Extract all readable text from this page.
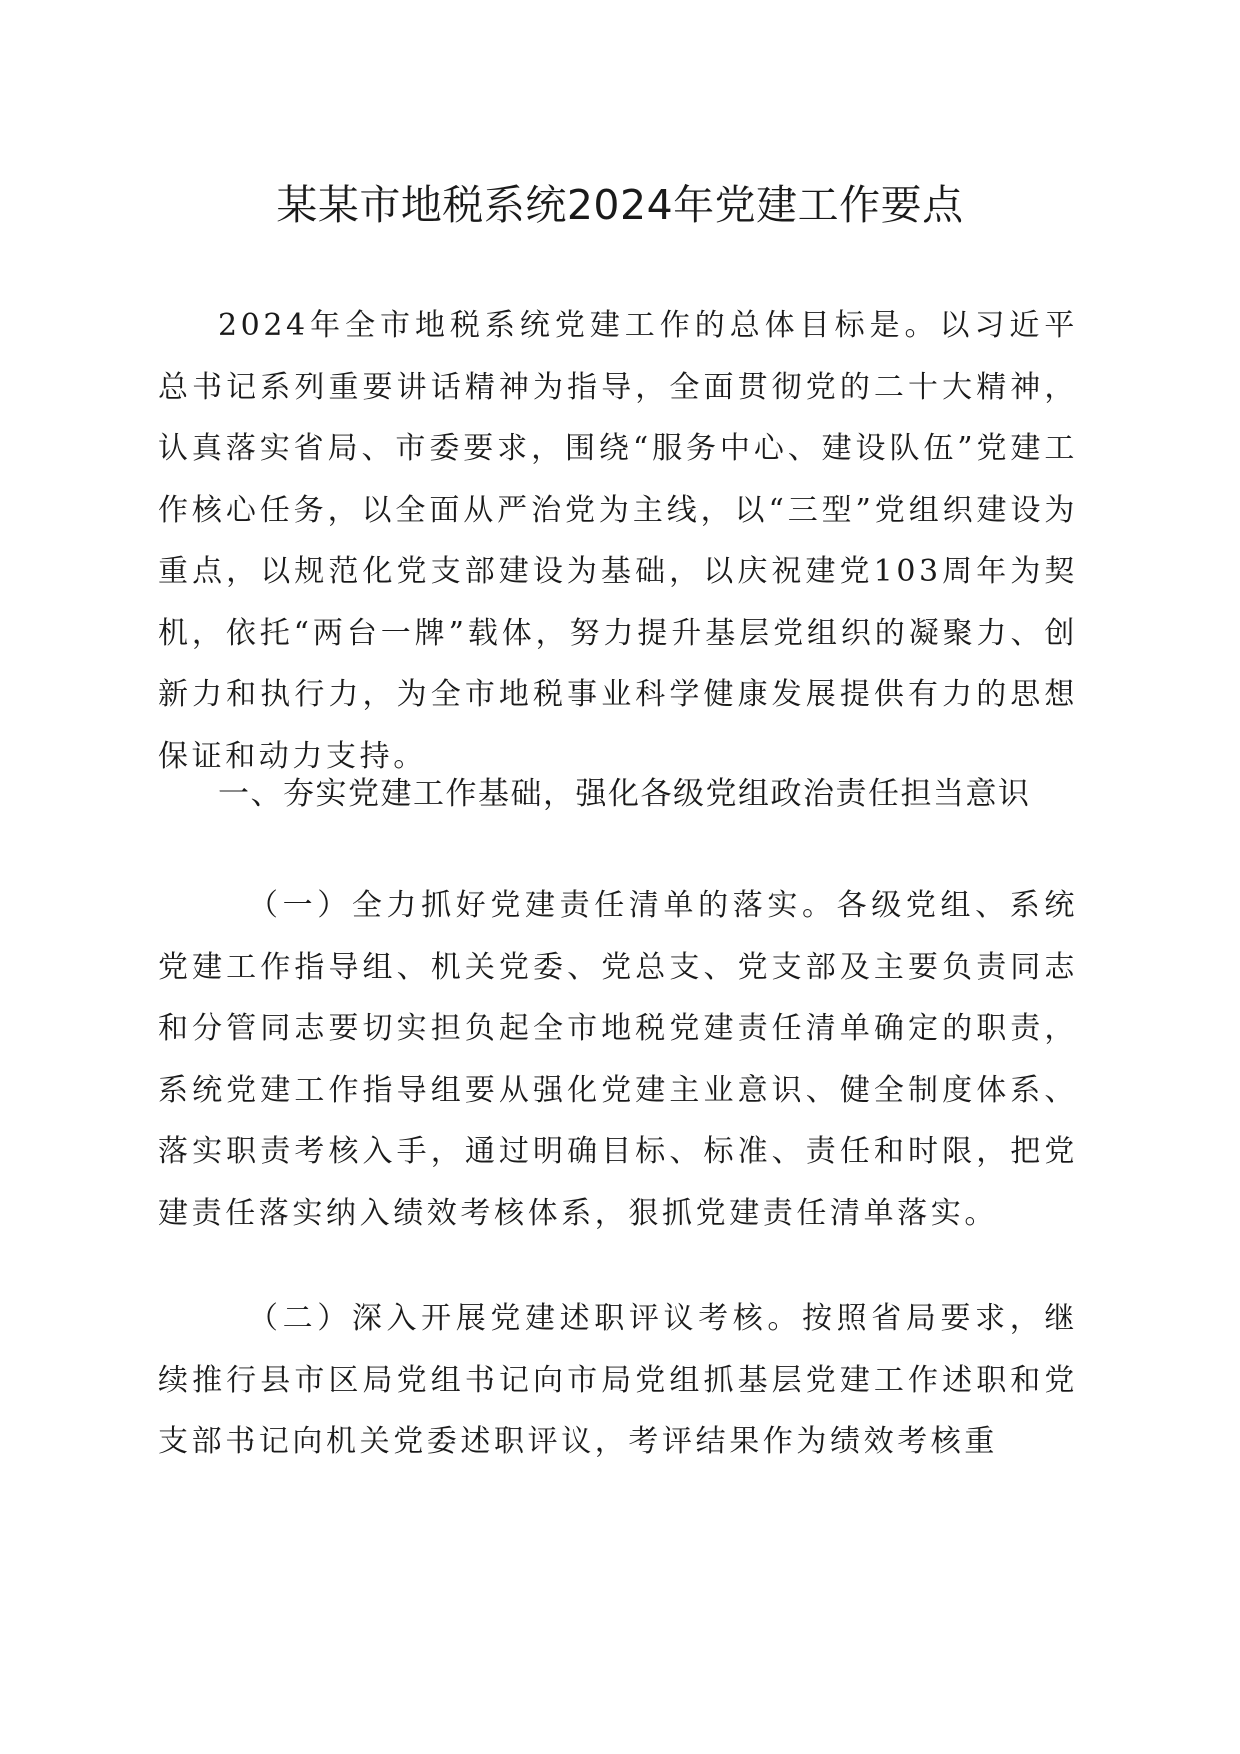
某某市地税系统2024年党建工作要点

2024年全市地税系统党建工作的总体目标是。以习近平总书记系列重要讲话精神为指导，全面贯彻党的二十大精神，认真落实省局、市委要求，围绕“服务中心、建设队伍”党建工作核心任务，以全面从严治党为主线，以“三型”党组织建设为重点，以规范化党支部建设为基础，以庆祝建党103周年为契机，依托“两台一牌”载体，努力提升基层党组织的凝聚力、创新力和执行力，为全市地税事业科学健康发展提供有力的思想保证和动力支持。

一、夯实党建工作基础，强化各级党组政治责任担当意识

（一）全力抓好党建责任清单的落实。各级党组、系统党建工作指导组、机关党委、党总支、党支部及主要负责同志和分管同志要切实担负起全市地税党建责任清单确定的职责，系统党建工作指导组要从强化党建主业意识、健全制度体系、落实职责考核入手，通过明确目标、标准、责任和时限，把党建责任落实纳入绩效考核体系，狠抓党建责任清单落实。

（二）深入开展党建述职评议考核。按照省局要求，继续推行县市区局党组书记向市局党组抓基层党建工作述职和党支部书记向机关党委述职评议，考评结果作为绩效考核重
